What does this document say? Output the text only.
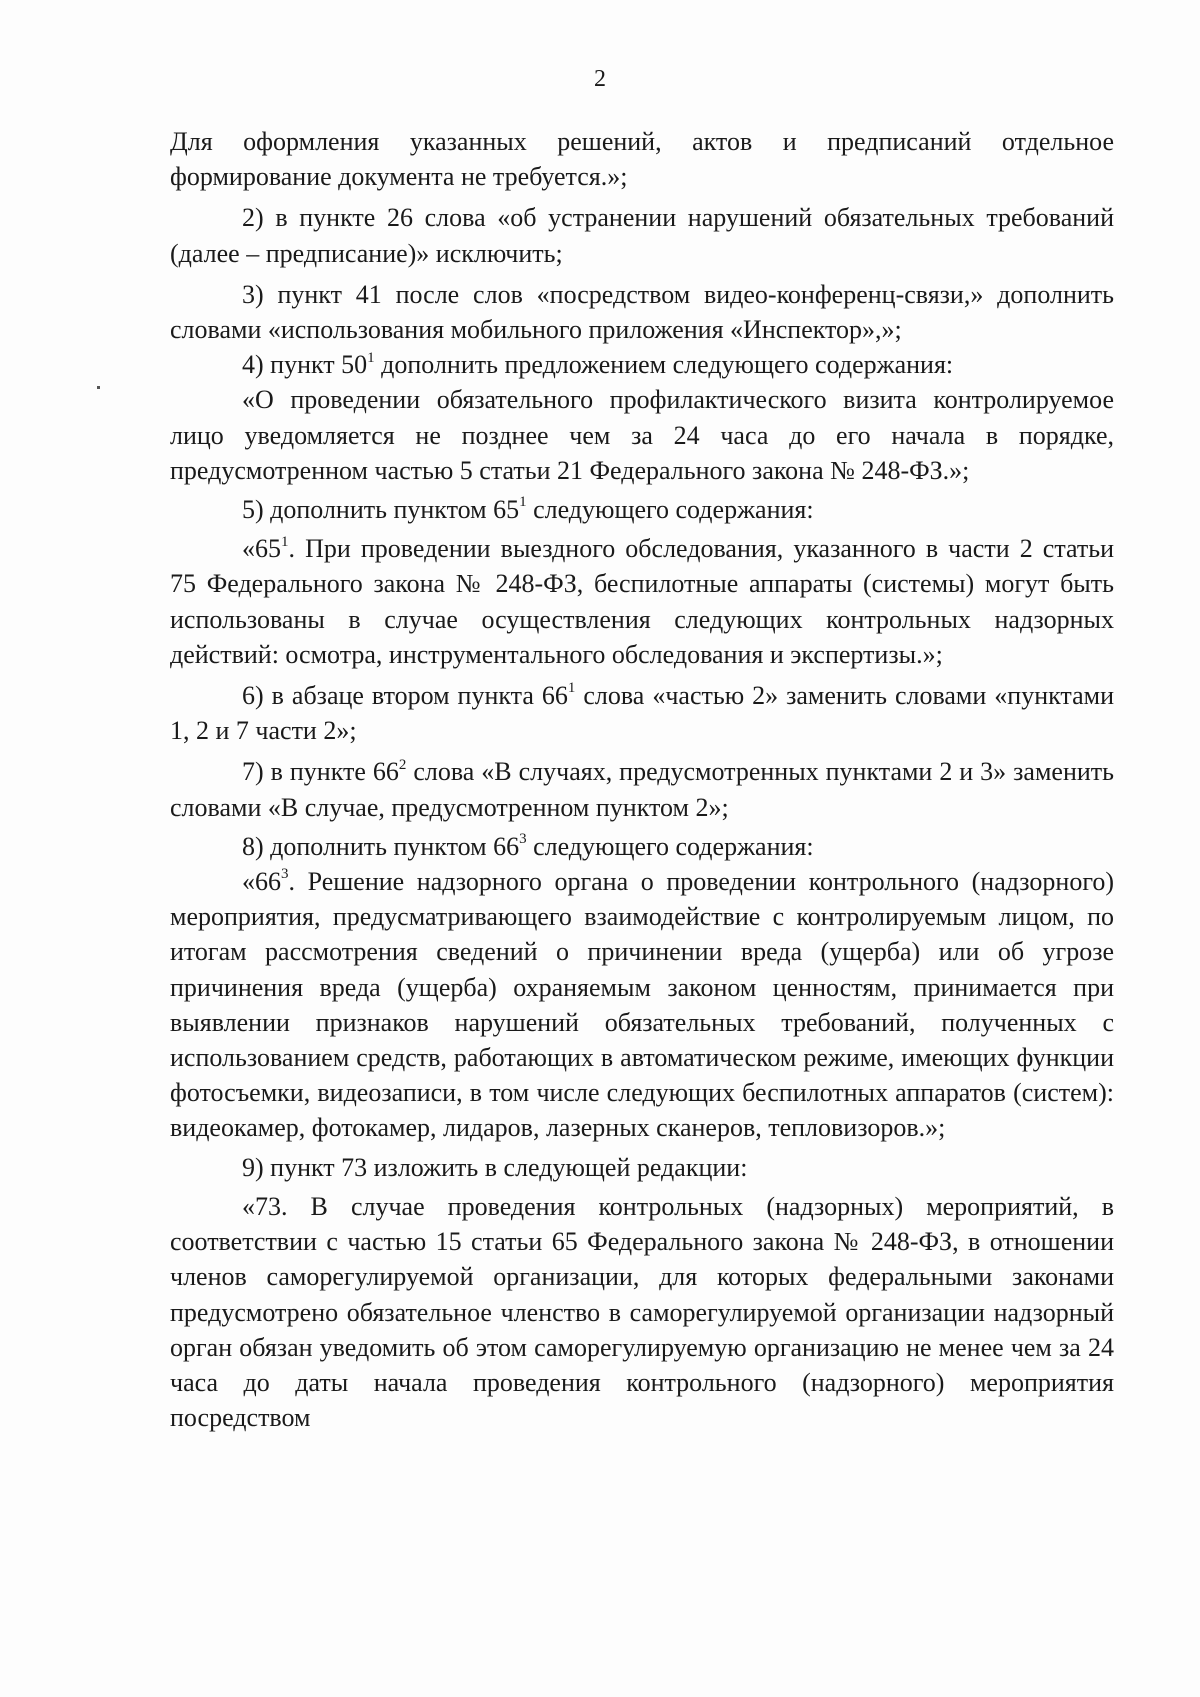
2

Для оформления указанных решений, актов и предписаний отдельное формирование документа не требуется.»;

2) в пункте 26 слова «об устранении нарушений обязательных требований (далее – предписание)» исключить;

3) пункт 41 после слов «посредством видео-конференц-связи,» дополнить словами «использования мобильного приложения «Инспектор»,»;

4) пункт $50^1$ дополнить предложением следующего содержания:

«О проведении обязательного профилактического визита контролируемое лицо уведомляется не позднее чем за 24 часа до его начала в порядке, предусмотренном частью 5 статьи 21 Федерального закона № 248-ФЗ.»;

5) дополнить пунктом $65^1$ следующего содержания:

«$65^1$. При проведении выездного обследования, указанного в части 2 статьи 75 Федерального закона № 248-ФЗ, беспилотные аппараты (системы) могут быть использованы в случае осуществления следующих контрольных надзорных действий: осмотра, инструментального обследования и экспертизы.»;

6) в абзаце втором пункта $66^1$ слова «частью 2» заменить словами «пунктами 1, 2 и 7 части 2»;

7) в пункте $66^2$ слова «В случаях, предусмотренных пунктами 2 и 3» заменить словами «В случае, предусмотренном пунктом 2»;

8) дополнить пунктом $66^3$ следующего содержания:

«$66^3$. Решение надзорного органа о проведении контрольного (надзорного) мероприятия, предусматривающего взаимодействие с контролируемым лицом, по итогам рассмотрения сведений о причинении вреда (ущерба) или об угрозе причинения вреда (ущерба) охраняемым законом ценностям, принимается при выявлении признаков нарушений обязательных требований, полученных с использованием средств, работающих в автоматическом режиме, имеющих функции фотосъемки, видеозаписи, в том числе следующих беспилотных аппаратов (систем): видеокамер, фотокамер, лидаров, лазерных сканеров, тепловизоров.»;

9) пункт 73 изложить в следующей редакции:

«73. В случае проведения контрольных (надзорных) мероприятий, в соответствии с частью 15 статьи 65 Федерального закона № 248-ФЗ, в отношении членов саморегулируемой организации, для которых федеральными законами предусмотрено обязательное членство в саморегулируемой организации надзорный орган обязан уведомить об этом саморегулируемую организацию не менее чем за 24 часа до даты начала проведения контрольного (надзорного) мероприятия посредством
